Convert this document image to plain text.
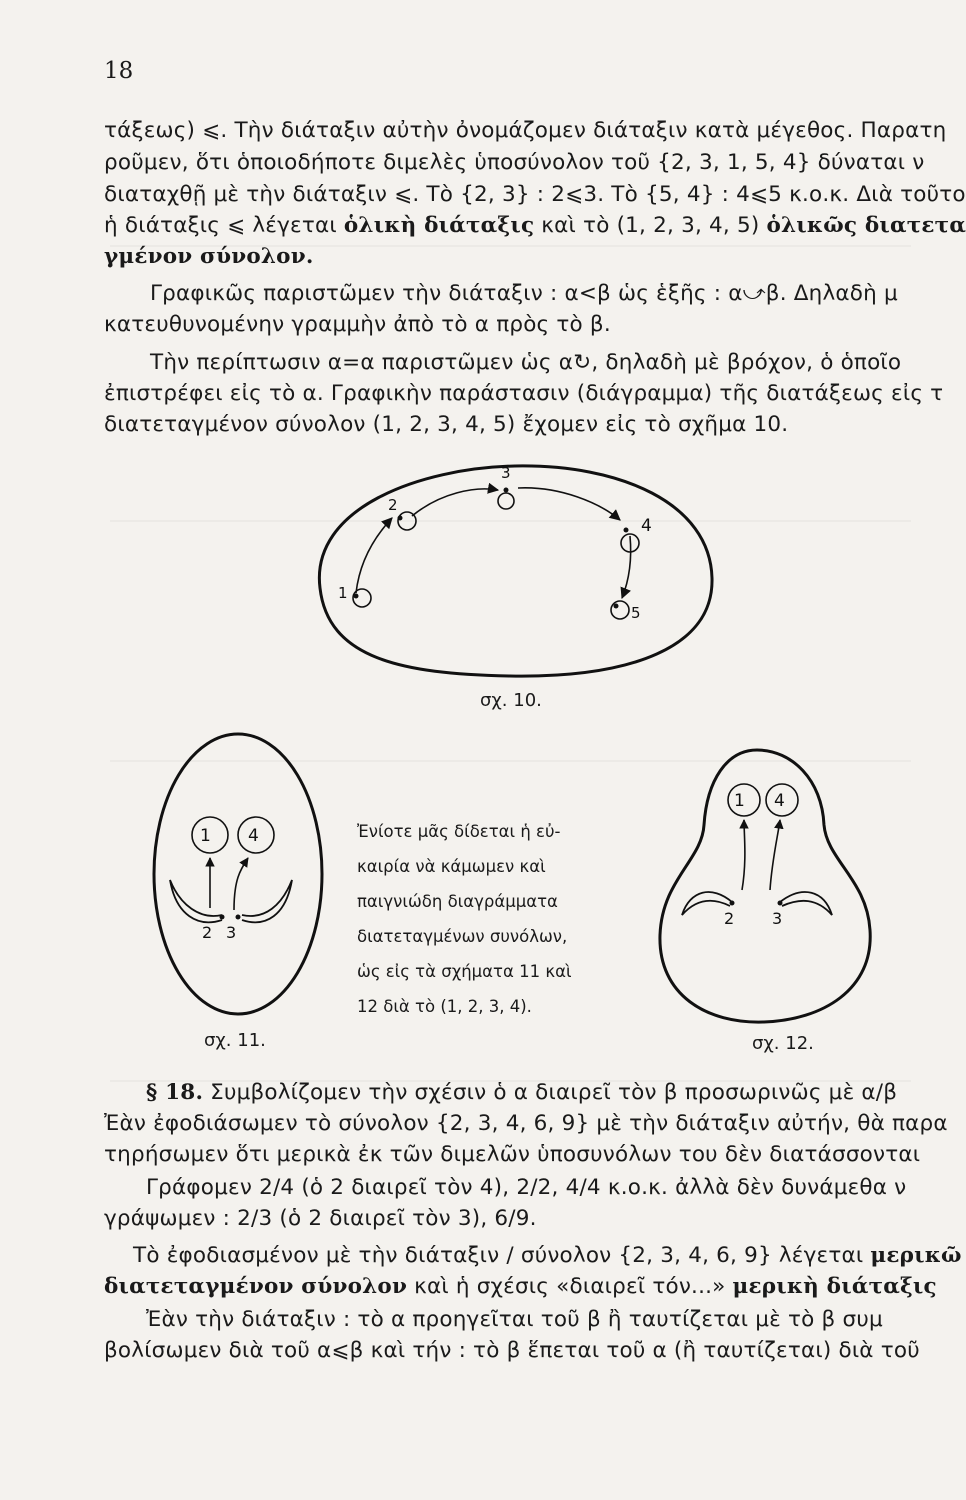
18
τάξεως) ⩽. Τὴν διάταξιν αὐτὴν ὀνομάζομεν διάταξιν κατὰ μέγεθος. Παρατη
ροῦμεν, ὅτι ὁποιοδήποτε διμελὲς ὑποσύνολον τοῦ {2, 3, 1, 5, 4} δύναται ν
διαταχθῇ μὲ τὴν διάταξιν ⩽. Τὸ {2, 3} : 2⩽3. Τὸ {5, 4} : 4⩽5 κ.ο.κ. Διὰ τοῦτο
ἡ διάταξις ⩽ λέγεται ὁλικὴ διάταξις καὶ τὸ (1, 2, 3, 4, 5) ὁλικῶς διατετα
γμένον σύνολον.
Γραφικῶς παριστῶμεν τὴν διάταξιν : α<β ὡς ἑξῆς : α⤻β. Δηλαδὴ μ
κατευθυνομένην γραμμὴν ἀπὸ τὸ α πρὸς τὸ β.
Τὴν περίπτωσιν α=α παριστῶμεν ὡς α↻, δηλαδὴ μὲ βρόχον, ὁ ὁποῖο
ἐπιστρέφει εἰς τὸ α. Γραφικὴν παράστασιν (διάγραμμα) τῆς διατάξεως εἰς τ
διατεταγμένον σύνολον (1, 2, 3, 4, 5) ἔχομεν εἰς τὸ σχῆμα 10.
1
2
3
4
5
σχ. 10.
1 4
2 3
σχ. 11.
Ἐνίοτε μᾶς δίδεται ἡ εὐ-
καιρία νὰ κάμωμεν καὶ
παιγνιώδη διαγράμματα
διατεταγμένων συνόλων,
ὡς εἰς τὰ σχήματα 11 καὶ
12 διὰ τὸ (1, 2, 3, 4).
1 4
2 3
σχ. 12.
§ 18. Συμβολίζομεν τὴν σχέσιν ὁ α διαιρεῖ τὸν β προσωρινῶς μὲ α/β
Ἐὰν ἐφοδιάσωμεν τὸ σύνολον {2, 3, 4, 6, 9} μὲ τὴν διάταξιν αὐτήν, θὰ παρα
τηρήσωμεν ὅτι μερικὰ ἐκ τῶν διμελῶν ὑποσυνόλων του δὲν διατάσσονται
Γράφομεν 2/4 (ὁ 2 διαιρεῖ τὸν 4), 2/2, 4/4 κ.ο.κ. ἀλλὰ δὲν δυνάμεθα ν
γράψωμεν : 2/3 (ὁ 2 διαιρεῖ τὸν 3), 6/9.
Τὸ ἐφοδιασμένον μὲ τὴν διάταξιν / σύνολον {2, 3, 4, 6, 9} λέγεται μερικῶ
διατεταγμένον σύνολον καὶ ἡ σχέσις «διαιρεῖ τόν...» μερικὴ διάταξις
Ἐὰν τὴν διάταξιν : τὸ α προηγεῖται τοῦ β ἢ ταυτίζεται μὲ τὸ β συμ
βολίσωμεν διὰ τοῦ α⩽β καὶ τήν : τὸ β ἕπεται τοῦ α (ἢ ταυτίζεται) διὰ τοῦ
